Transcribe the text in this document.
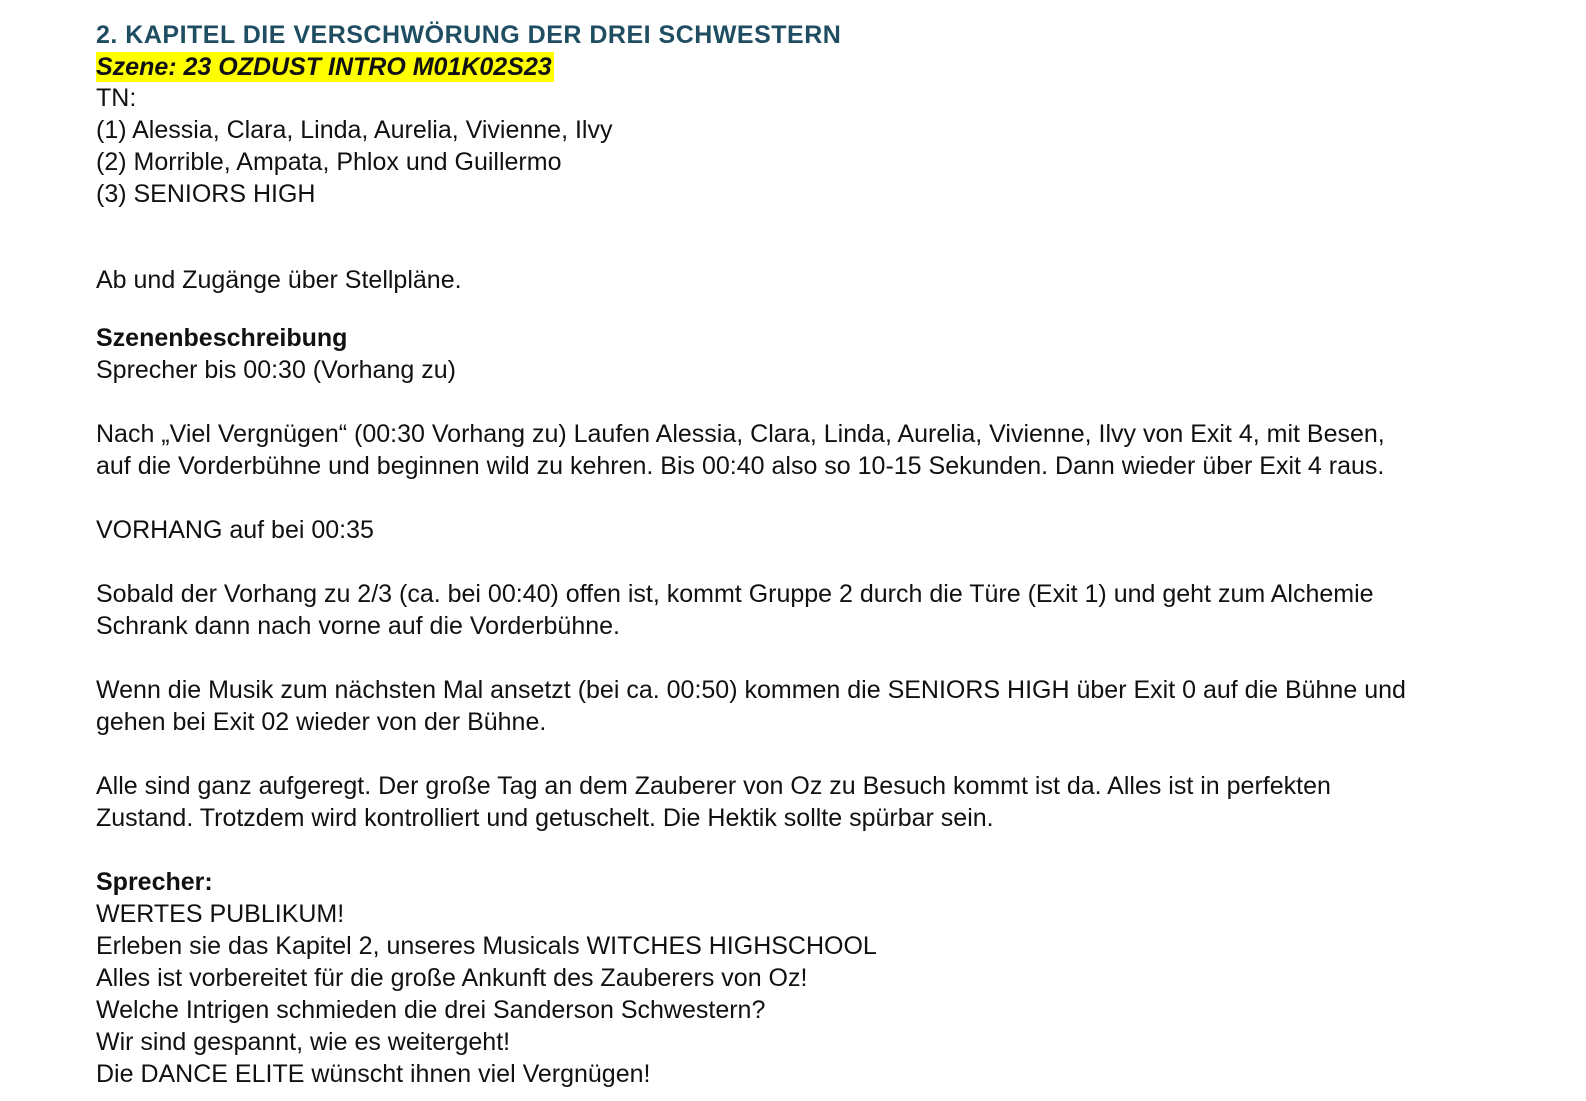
2. KAPITEL DIE VERSCHWÖRUNG DER DREI SCHWESTERN
Szene: 23 OZDUST INTRO M01K02S23
TN:
(1) Alessia, Clara, Linda, Aurelia, Vivienne, Ilvy
(2) Morrible, Ampata, Phlox und Guillermo
(3) SENIORS HIGH
Ab und Zugänge über Stellpläne.
Szenenbeschreibung
Sprecher bis 00:30 (Vorhang zu)
Nach „Viel Vergnügen“ (00:30 Vorhang zu) Laufen Alessia, Clara, Linda, Aurelia, Vivienne, Ilvy von Exit 4, mit Besen,
auf die Vorderbühne und beginnen wild zu kehren. Bis 00:40 also so 10-15 Sekunden. Dann wieder über Exit 4 raus.
VORHANG auf bei 00:35
Sobald der Vorhang zu 2/3 (ca. bei 00:40) offen ist, kommt Gruppe 2 durch die Türe (Exit 1) und geht zum Alchemie
Schrank dann nach vorne auf die Vorderbühne.
Wenn die Musik zum nächsten Mal ansetzt (bei ca. 00:50) kommen die SENIORS HIGH über Exit 0 auf die Bühne und
gehen bei Exit 02 wieder von der Bühne.
Alle sind ganz aufgeregt. Der große Tag an dem Zauberer von Oz zu Besuch kommt ist da. Alles ist in perfekten
Zustand. Trotzdem wird kontrolliert und getuschelt. Die Hektik sollte spürbar sein.
Sprecher:
WERTES PUBLIKUM!
Erleben sie das Kapitel 2, unseres Musicals WITCHES HIGHSCHOOL
Alles ist vorbereitet für die große Ankunft des Zauberers von Oz!
Welche Intrigen schmieden die drei Sanderson Schwestern?
Wir sind gespannt, wie es weitergeht!
Die DANCE ELITE wünscht ihnen viel Vergnügen!
